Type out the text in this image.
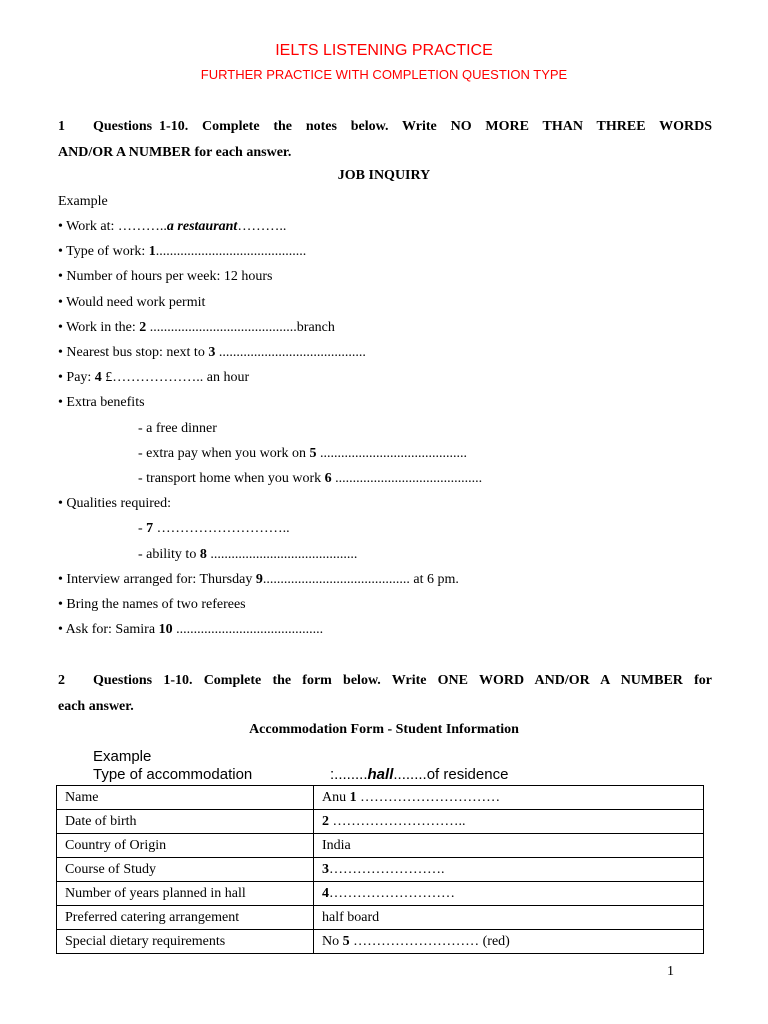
IELTS LISTENING PRACTICE
FURTHER PRACTICE WITH COMPLETION QUESTION TYPE
1	Questions 1-10.  Complete  the  notes  below.  Write  NO  MORE  THAN  THREE  WORDS
AND/OR A NUMBER for each answer.
JOB INQUIRY
Example
• Work at: ………..a restaurant………..
• Type of work: 1...........................................
• Number of hours per week: 12 hours
• Would need work permit
• Work in the: 2 ..........................................branch
• Nearest bus stop: next to 3 ..........................................
• Pay: 4 £……………….. an hour
• Extra benefits
- a free dinner
- extra pay when you work on 5 ..........................................
- transport home when you work 6 ..........................................
• Qualities required:
- 7 ………………………..
- ability to 8 ..........................................
• Interview arranged for: Thursday 9.......................................... at 6 pm.
• Bring the names of two referees
• Ask for: Samira 10 ..........................................
2	Questions  1-10.  Complete  the  form  below.  Write  ONE  WORD  AND/OR  A  NUMBER  for
each answer.
Accommodation Form - Student Information
Example
Type of accommodation	:........hall........of residence
Name	Anu 1 …………………………
Date of birth	2 ………………………..
Country of Origin	India
Course of Study	3…………………….
Number of years planned in hall	4………………………
Preferred catering arrangement	half board
Special dietary requirements	No 5 ……………………… (red)
1
